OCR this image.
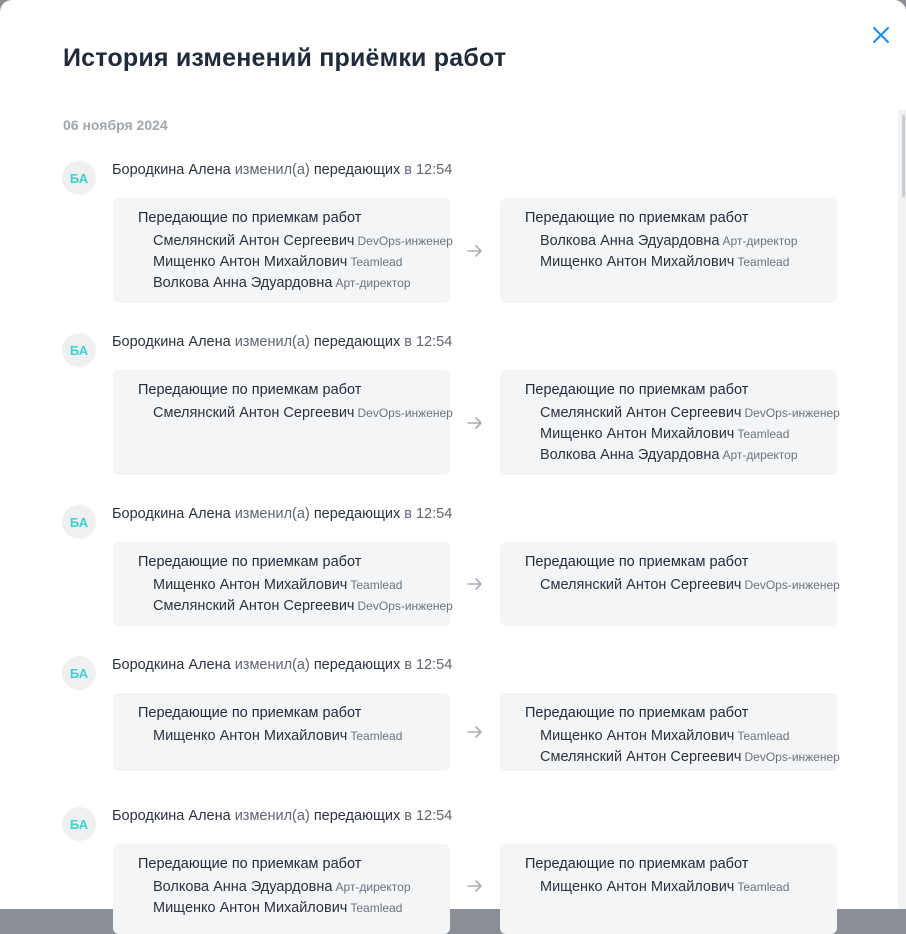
История изменений приёмки работ
06 ноября 2024
БА	Бородкина Алена изменил(а) передающих в 12:54
Передающие по приемкам работ
Смелянский Антон Сергеевич DevOps-инженер
Мищенко Антон Михайлович Teamlead
Волкова Анна Эдуардовна Арт-директор
Передающие по приемкам работ
Волкова Анна Эдуардовна Арт-директор
Мищенко Антон Михайлович Teamlead
БА	Бородкина Алена изменил(а) передающих в 12:54
Передающие по приемкам работ
Смелянский Антон Сергеевич DevOps-инженер
Передающие по приемкам работ
Смелянский Антон Сергеевич DevOps-инженер
Мищенко Антон Михайлович Teamlead
Волкова Анна Эдуардовна Арт-директор
БА	Бородкина Алена изменил(а) передающих в 12:54
Передающие по приемкам работ
Мищенко Антон Михайлович Teamlead
Смелянский Антон Сергеевич DevOps-инженер
Передающие по приемкам работ
Смелянский Антон Сергеевич DevOps-инженер
БА	Бородкина Алена изменил(а) передающих в 12:54
Передающие по приемкам работ
Мищенко Антон Михайлович Teamlead
Передающие по приемкам работ
Мищенко Антон Михайлович Teamlead
Смелянский Антон Сергеевич DevOps-инженер
БА	Бородкина Алена изменил(а) передающих в 12:54
Передающие по приемкам работ
Волкова Анна Эдуардовна Арт-директор
Мищенко Антон Михайлович Teamlead
Передающие по приемкам работ
Мищенко Антон Михайлович Teamlead
